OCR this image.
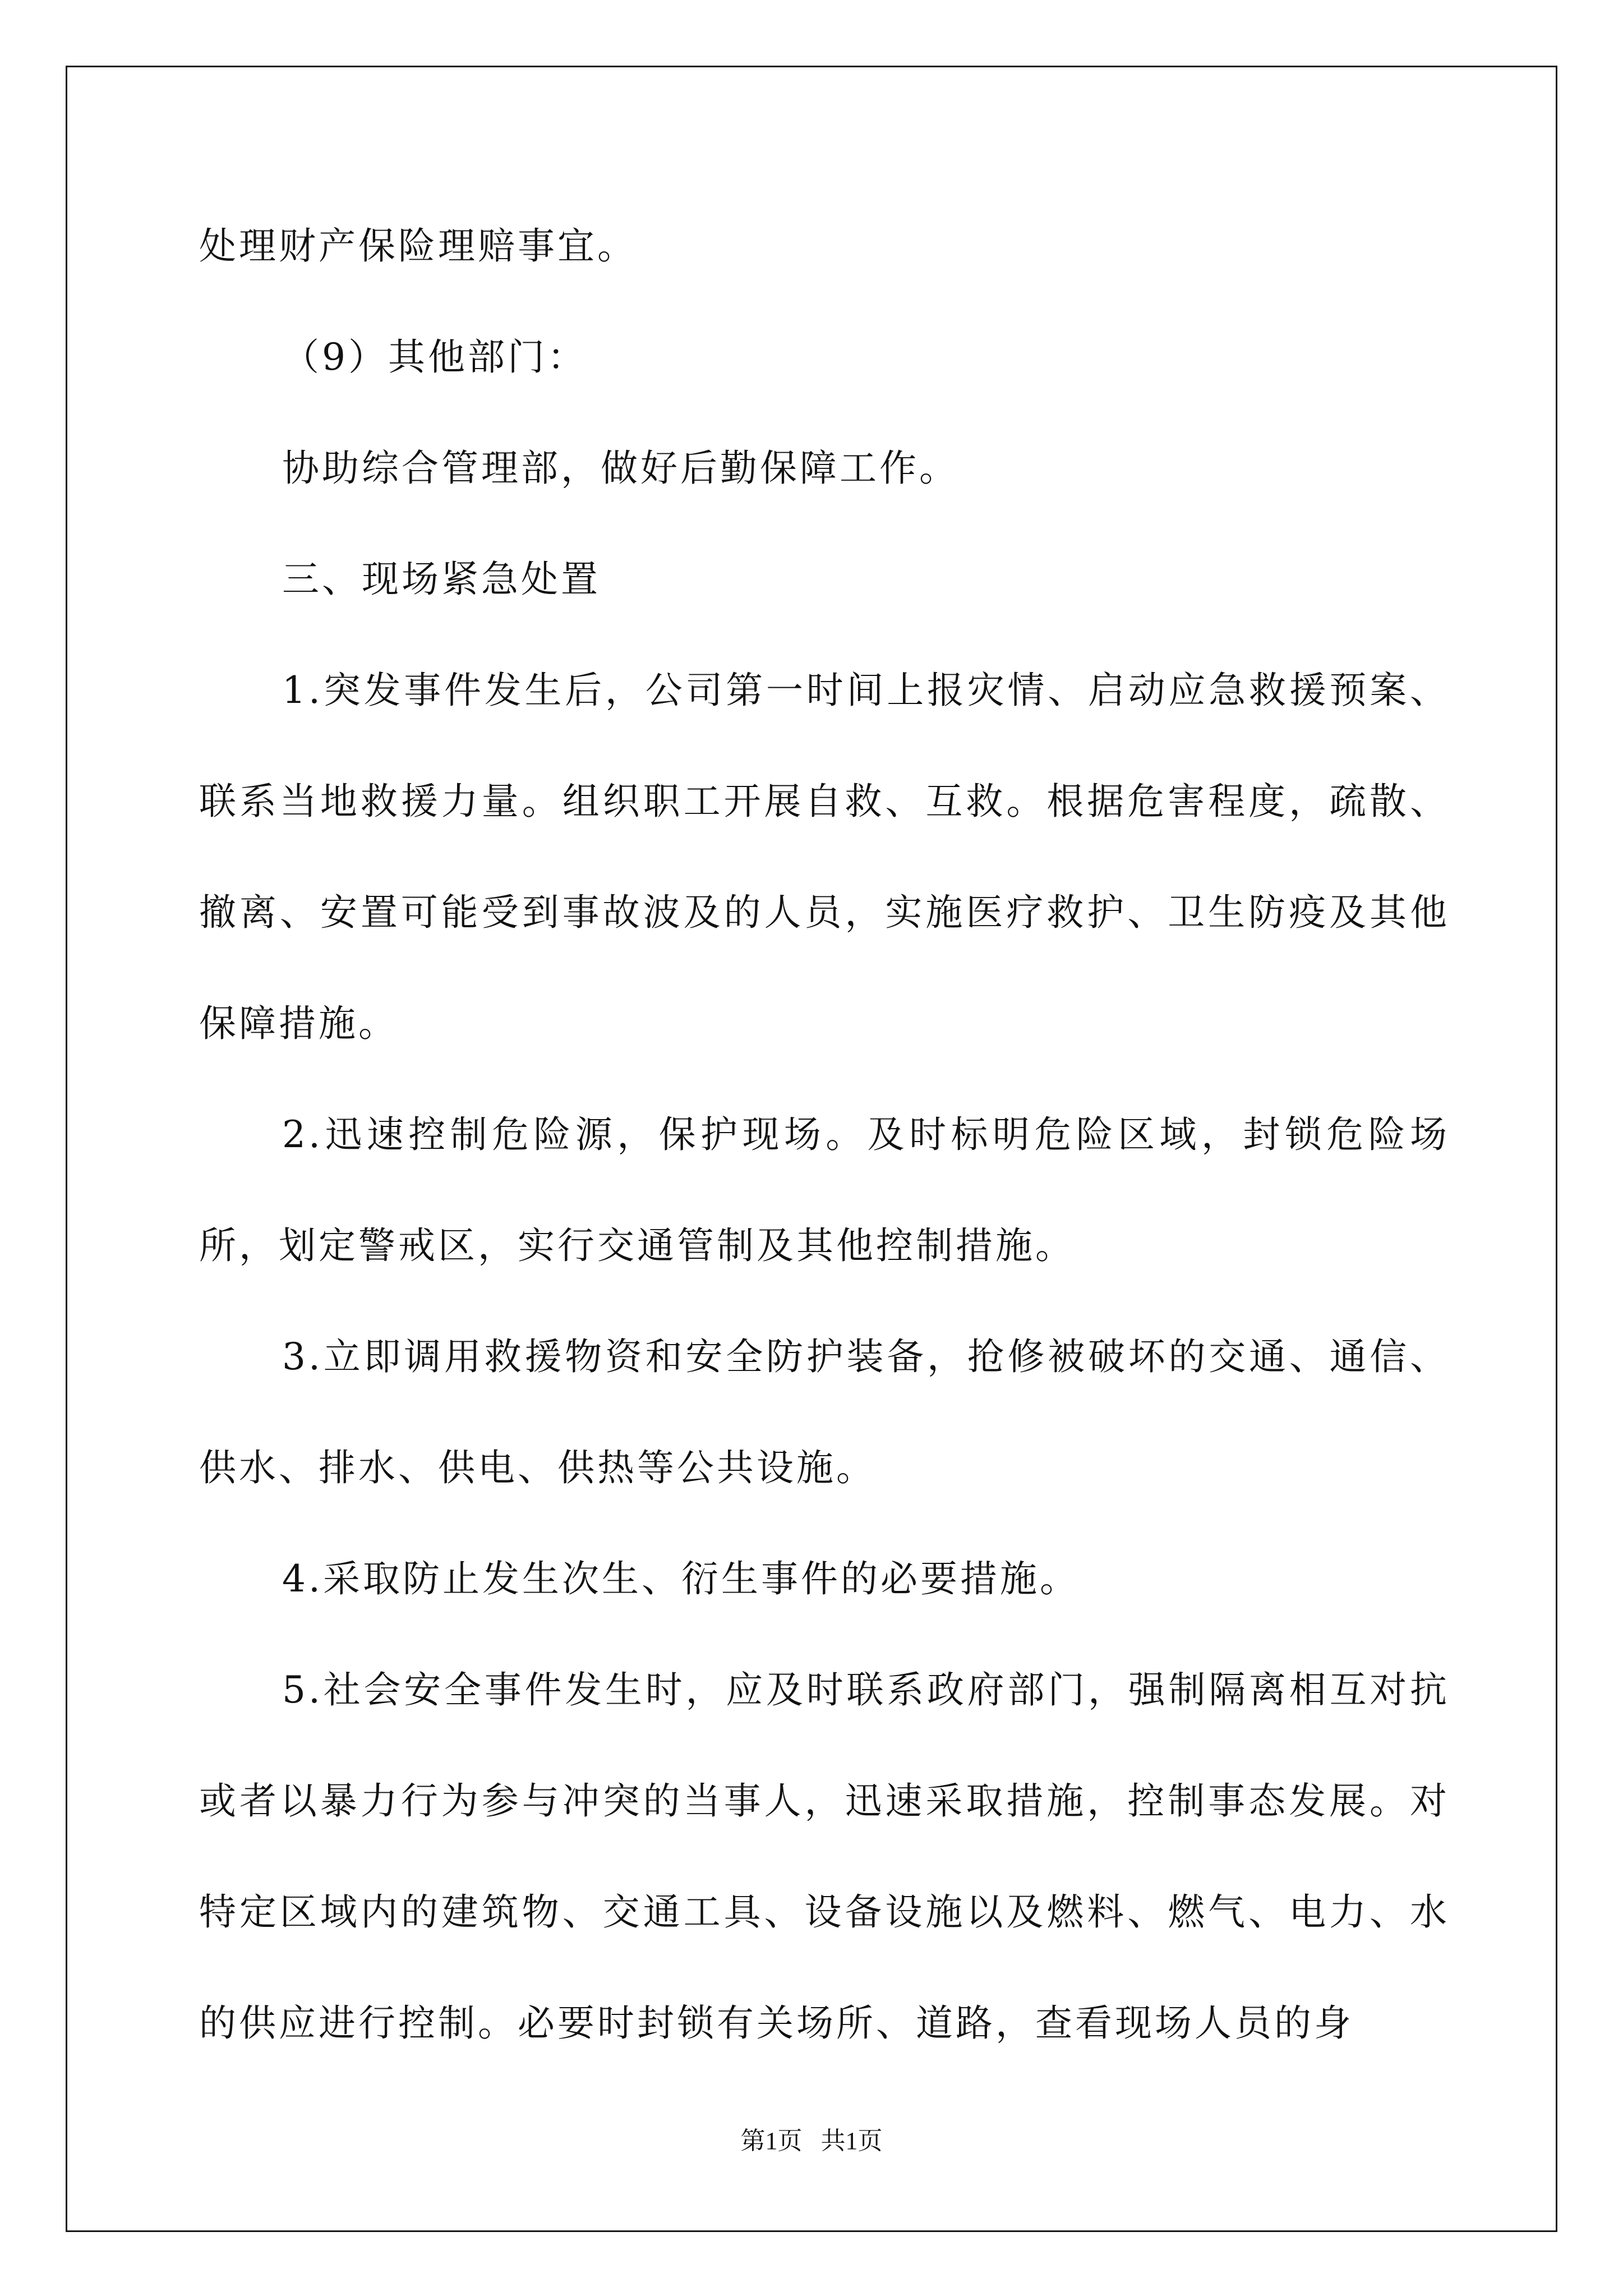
处理财产保险理赔事宜。

（9）其他部门：

协助综合管理部，做好后勤保障工作。

三、现场紧急处置

1.突发事件发生后，公司第一时间上报灾情、启动应急救援预案、联系当地救援力量。组织职工开展自救、互救。根据危害程度，疏散、撤离、安置可能受到事故波及的人员，实施医疗救护、卫生防疫及其他保障措施。

2.迅速控制危险源，保护现场。及时标明危险区域，封锁危险场所，划定警戒区，实行交通管制及其他控制措施。

3.立即调用救援物资和安全防护装备，抢修被破坏的交通、通信、供水、排水、供电、供热等公共设施。

4.采取防止发生次生、衍生事件的必要措施。

5.社会安全事件发生时，应及时联系政府部门，强制隔离相互对抗或者以暴力行为参与冲突的当事人，迅速采取措施，控制事态发展。对特定区域内的建筑物、交通工具、设备设施以及燃料、燃气、电力、水的供应进行控制。必要时封锁有关场所、道路，查看现场人员的身

第1页   共1页
